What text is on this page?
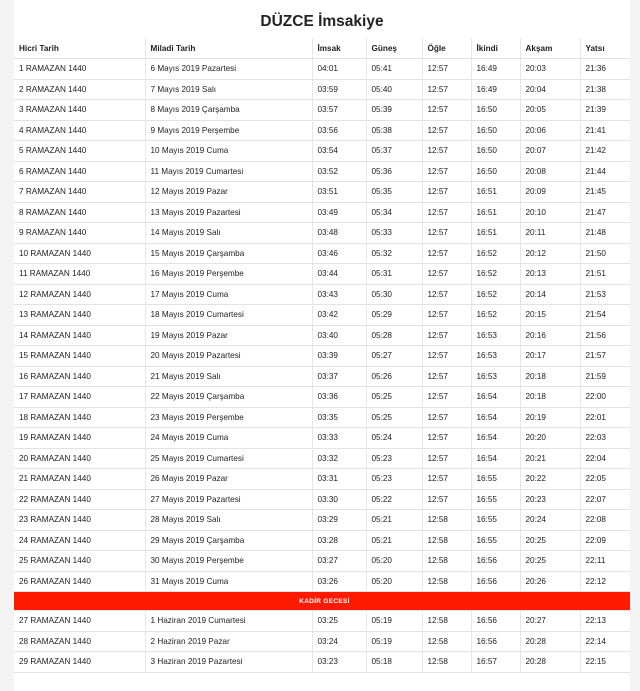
DÜZCE İmsakiye
Hicri Tarih	Miladi Tarih	İmsak	Güneş	Öğle	İkindi	Akşam	Yatsı
1 RAMAZAN 1440	6 Mayıs 2019 Pazartesi	04:01	05:41	12:57	16:49	20:03	21:36
2 RAMAZAN 1440	7 Mayıs 2019 Salı	03:59	05:40	12:57	16:49	20:04	21:38
3 RAMAZAN 1440	8 Mayıs 2019 Çarşamba	03:57	05:39	12:57	16:50	20:05	21:39
4 RAMAZAN 1440	9 Mayıs 2019 Perşembe	03:56	05:38	12:57	16:50	20:06	21:41
5 RAMAZAN 1440	10 Mayıs 2019 Cuma	03:54	05:37	12:57	16:50	20:07	21:42
6 RAMAZAN 1440	11 Mayıs 2019 Cumartesi	03:52	05:36	12:57	16:50	20:08	21:44
7 RAMAZAN 1440	12 Mayıs 2019 Pazar	03:51	05:35	12:57	16:51	20:09	21:45
8 RAMAZAN 1440	13 Mayıs 2019 Pazartesi	03:49	05:34	12:57	16:51	20:10	21:47
9 RAMAZAN 1440	14 Mayıs 2019 Salı	03:48	05:33	12:57	16:51	20:11	21:48
10 RAMAZAN 1440	15 Mayıs 2019 Çarşamba	03:46	05:32	12:57	16:52	20:12	21:50
11 RAMAZAN 1440	16 Mayıs 2019 Perşembe	03:44	05:31	12:57	16:52	20:13	21:51
12 RAMAZAN 1440	17 Mayıs 2019 Cuma	03:43	05:30	12:57	16:52	20:14	21:53
13 RAMAZAN 1440	18 Mayıs 2019 Cumartesi	03:42	05:29	12:57	16:52	20:15	21:54
14 RAMAZAN 1440	19 Mayıs 2019 Pazar	03:40	05:28	12:57	16:53	20:16	21:56
15 RAMAZAN 1440	20 Mayıs 2019 Pazartesi	03:39	05:27	12:57	16:53	20:17	21:57
16 RAMAZAN 1440	21 Mayıs 2019 Salı	03:37	05:26	12:57	16:53	20:18	21:59
17 RAMAZAN 1440	22 Mayıs 2019 Çarşamba	03:36	05:25	12:57	16:54	20:18	22:00
18 RAMAZAN 1440	23 Mayıs 2019 Perşembe	03:35	05:25	12:57	16:54	20:19	22:01
19 RAMAZAN 1440	24 Mayıs 2019 Cuma	03:33	05:24	12:57	16:54	20:20	22:03
20 RAMAZAN 1440	25 Mayıs 2019 Cumartesi	03:32	05:23	12:57	16:54	20:21	22:04
21 RAMAZAN 1440	26 Mayıs 2019 Pazar	03:31	05:23	12:57	16:55	20:22	22:05
22 RAMAZAN 1440	27 Mayıs 2019 Pazartesi	03:30	05:22	12:57	16:55	20:23	22:07
23 RAMAZAN 1440	28 Mayıs 2019 Salı	03:29	05:21	12:58	16:55	20:24	22:08
24 RAMAZAN 1440	29 Mayıs 2019 Çarşamba	03:28	05:21	12:58	16:55	20:25	22:09
25 RAMAZAN 1440	30 Mayıs 2019 Perşembe	03:27	05:20	12:58	16:56	20:25	22:11
26 RAMAZAN 1440	31 Mayıs 2019 Cuma	03:26	05:20	12:58	16:56	20:26	22:12
KADİR GECESİ							
27 RAMAZAN 1440	1 Haziran 2019 Cumartesi	03:25	05:19	12:58	16:56	20:27	22:13
28 RAMAZAN 1440	2 Haziran 2019 Pazar	03:24	05:19	12:58	16:56	20:28	22:14
29 RAMAZAN 1440	3 Haziran 2019 Pazartesi	03:23	05:18	12:58	16:57	20:28	22:15
